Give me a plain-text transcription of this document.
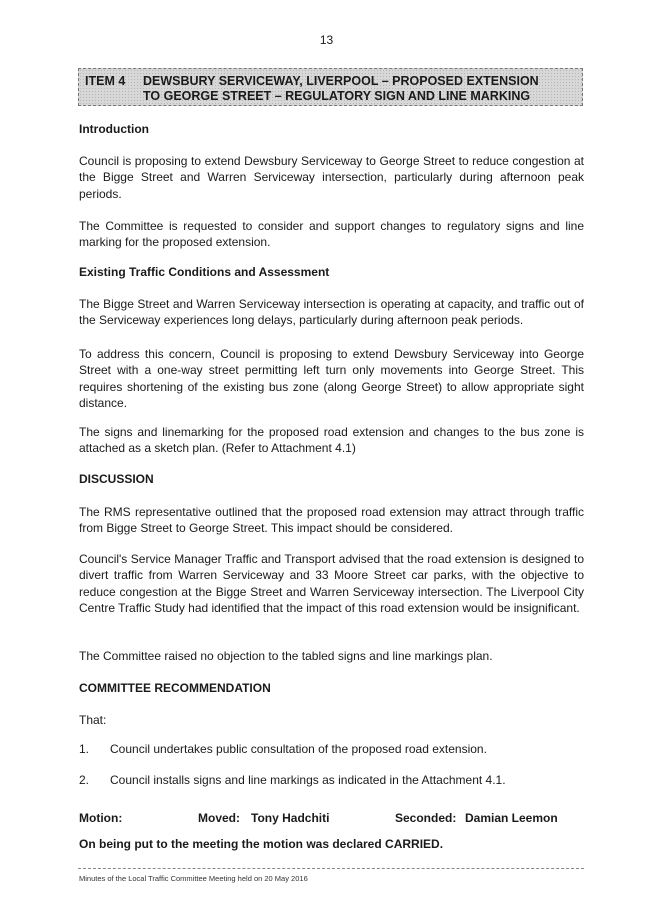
13
ITEM 4 DEWSBURY SERVICEWAY, LIVERPOOL – PROPOSED EXTENSION
TO GEORGE STREET – REGULATORY SIGN AND LINE MARKING

Introduction

Council is proposing to extend Dewsbury Serviceway to George Street to reduce congestion at the Bigge Street and Warren Serviceway intersection, particularly during afternoon peak periods.

The Committee is requested to consider and support changes to regulatory signs and line marking for the proposed extension.

Existing Traffic Conditions and Assessment

The Bigge Street and Warren Serviceway intersection is operating at capacity, and traffic out of the Serviceway experiences long delays, particularly during afternoon peak periods.

To address this concern, Council is proposing to extend Dewsbury Serviceway into George Street with a one-way street permitting left turn only movements into George Street. This requires shortening of the existing bus zone (along George Street) to allow appropriate sight distance.

The signs and linemarking for the proposed road extension and changes to the bus zone is attached as a sketch plan. (Refer to Attachment 4.1)

DISCUSSION

The RMS representative outlined that the proposed road extension may attract through traffic from Bigge Street to George Street. This impact should be considered.

Council's Service Manager Traffic and Transport advised that the road extension is designed to divert traffic from Warren Serviceway and 33 Moore Street car parks, with the objective to reduce congestion at the Bigge Street and Warren Serviceway intersection. The Liverpool City Centre Traffic Study had identified that the impact of this road extension would be insignificant.

The Committee raised no objection to the tabled signs and line markings plan.

COMMITTEE RECOMMENDATION

That:

1. Council undertakes public consultation of the proposed road extension.
2. Council installs signs and line markings as indicated in the Attachment 4.1.
Motion:	Moved: Tony Hadchiti	Seconded: Damian Leemon

On being put to the meeting the motion was declared CARRIED.

Minutes of the Local Traffic Committee Meeting held on 20 May 2016
